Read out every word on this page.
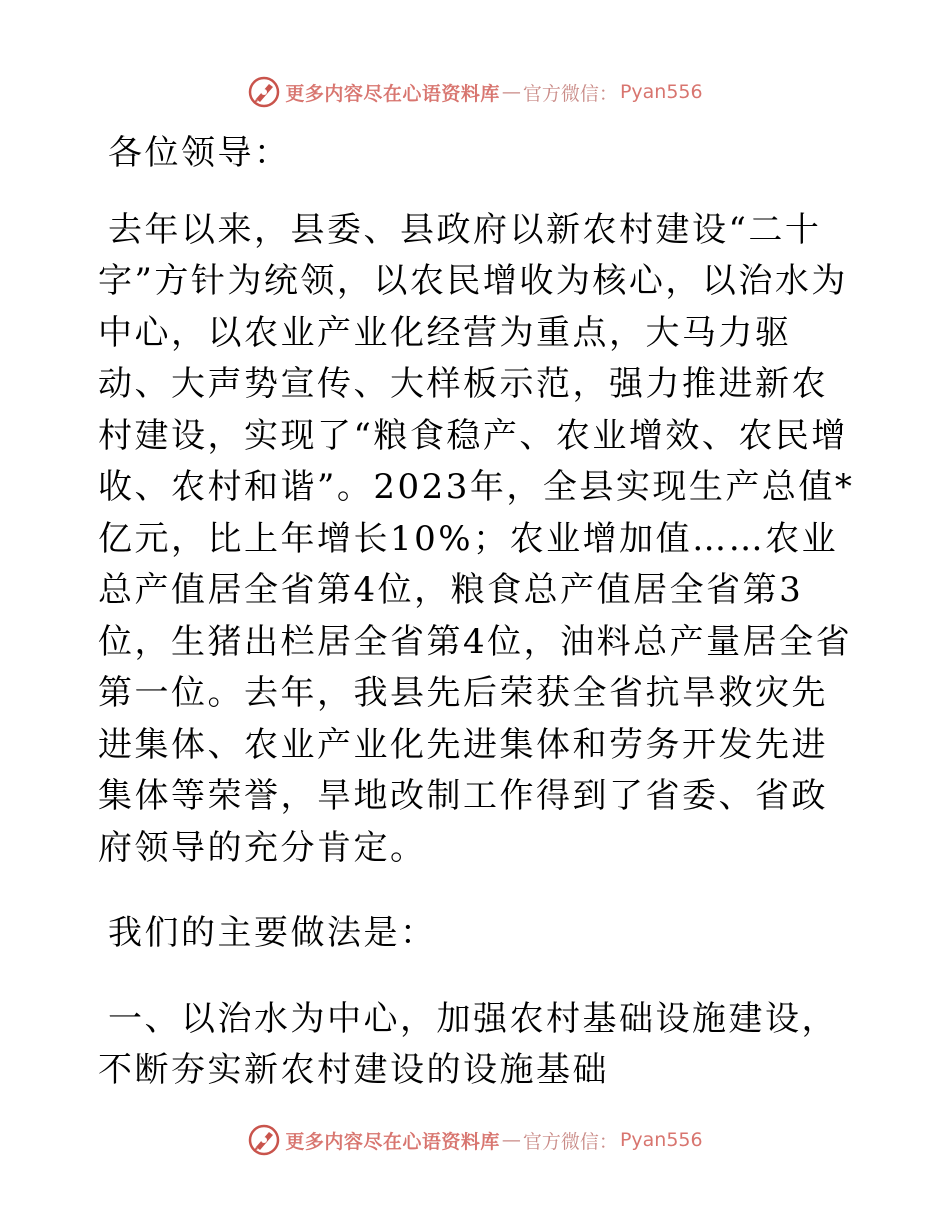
更多内容尽在心语资料库 — 官方微信： Pyan556

各位领导：

去年以来，县委、县政府以新农村建设“二十字”方针为统领，以农民增收为核心，以治水为中心，以农业产业化经营为重点，大马力驱动、大声势宣传、大样板示范，强力推进新农村建设，实现了“粮食稳产、农业增效、农民增收、农村和谐”。2023年，全县实现生产总值*亿元，比上年增长10%；农业增加值……农业总产值居全省第4位，粮食总产值居全省第3位，生猪出栏居全省第4位，油料总产量居全省第一位。去年，我县先后荣获全省抗旱救灾先进集体、农业产业化先进集体和劳务开发先进集体等荣誉，旱地改制工作得到了省委、省政府领导的充分肯定。

我们的主要做法是：

一、以治水为中心，加强农村基础设施建设，不断夯实新农村建设的设施基础

更多内容尽在心语资料库 — 官方微信： Pyan556
